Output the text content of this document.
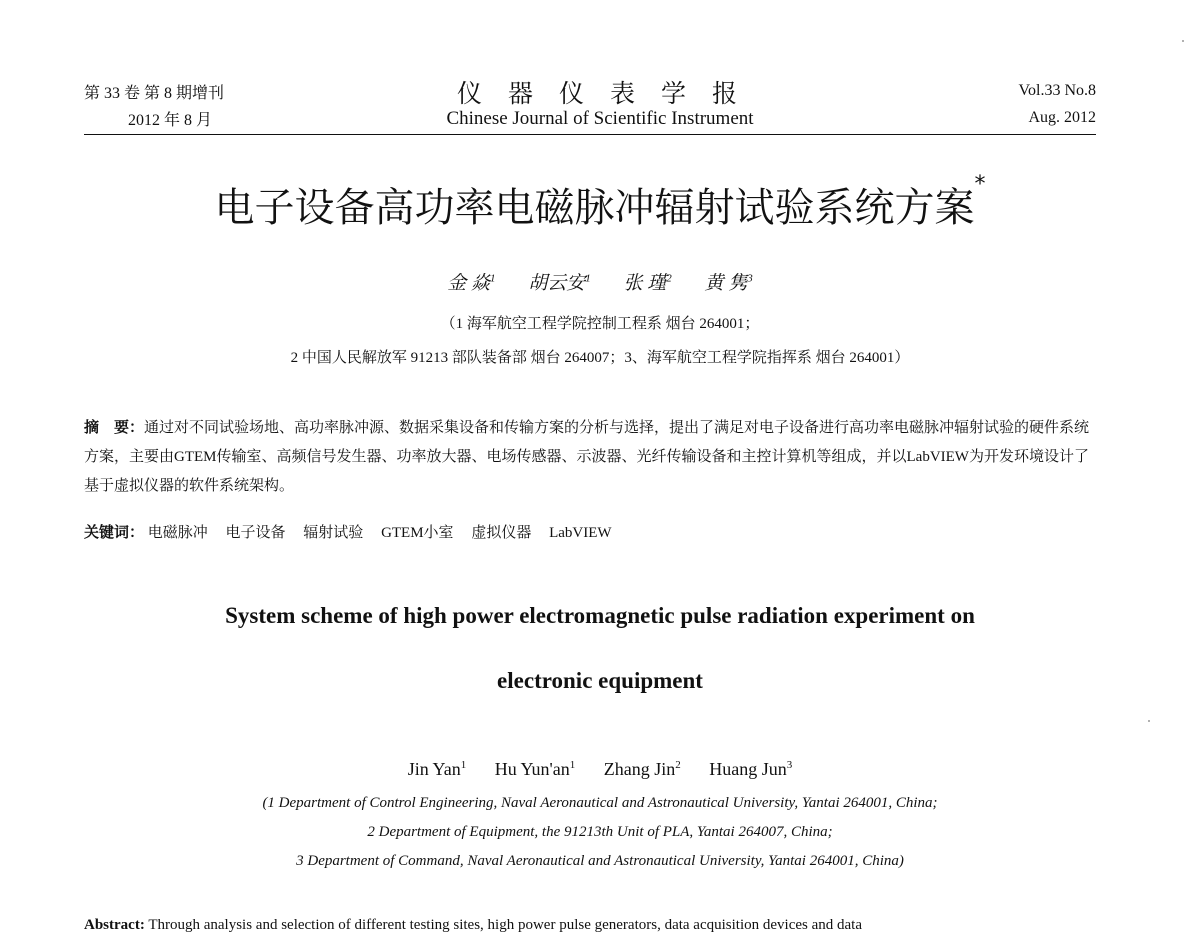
第 33 卷 第 8 期增刊
2012 年 8 月
仪器仪表学报
Chinese Journal of Scientific Instrument
Vol.33 No.8
Aug. 2012
电子设备高功率电磁脉冲辐射试验系统方案*
金 焱$^1$ 胡云安$^1$ 张 瑾$^2$ 黄 隽$^3$
（1 海军航空工程学院控制工程系 烟台 264001；
2 中国人民解放军 91213 部队装备部 烟台 264007；3、海军航空工程学院指挥系 烟台 264001）
摘　要：通过对不同试验场地、高功率脉冲源、数据采集设备和传输方案的分析与选择，提出了满足对电子设备进行高功率电磁脉冲辐射试验的硬件系统方案，主要由GTEM传输室、高频信号发生器、功率放大器、电场传感器、示波器、光纤传输设备和主控计算机等组成，并以LabVIEW为开发环境设计了基于虚拟仪器的软件系统架构。
关键词： 电磁脉冲 电子设备 辐射试验 GTEM小室 虚拟仪器 LabVIEW
System scheme of high power electromagnetic pulse radiation experiment on
electronic equipment
Jin Yan$^1$ Hu $Yun'an^1$ Zhang Jin$^2$ Huang Jun$^3$
(1 Department of Control Engineering, Naval Aeronautical and Astronautical University, Yantai 264001, China;
2 Department of Equipment, the 91213th Unit of PLA, Yantai 264007, China;
3 Department of Command, Naval Aeronautical and Astronautical University, Yantai 264001, China)
Abstract: Through analysis and selection of different testing sites, high power pulse generators, data acquisition devices and data
